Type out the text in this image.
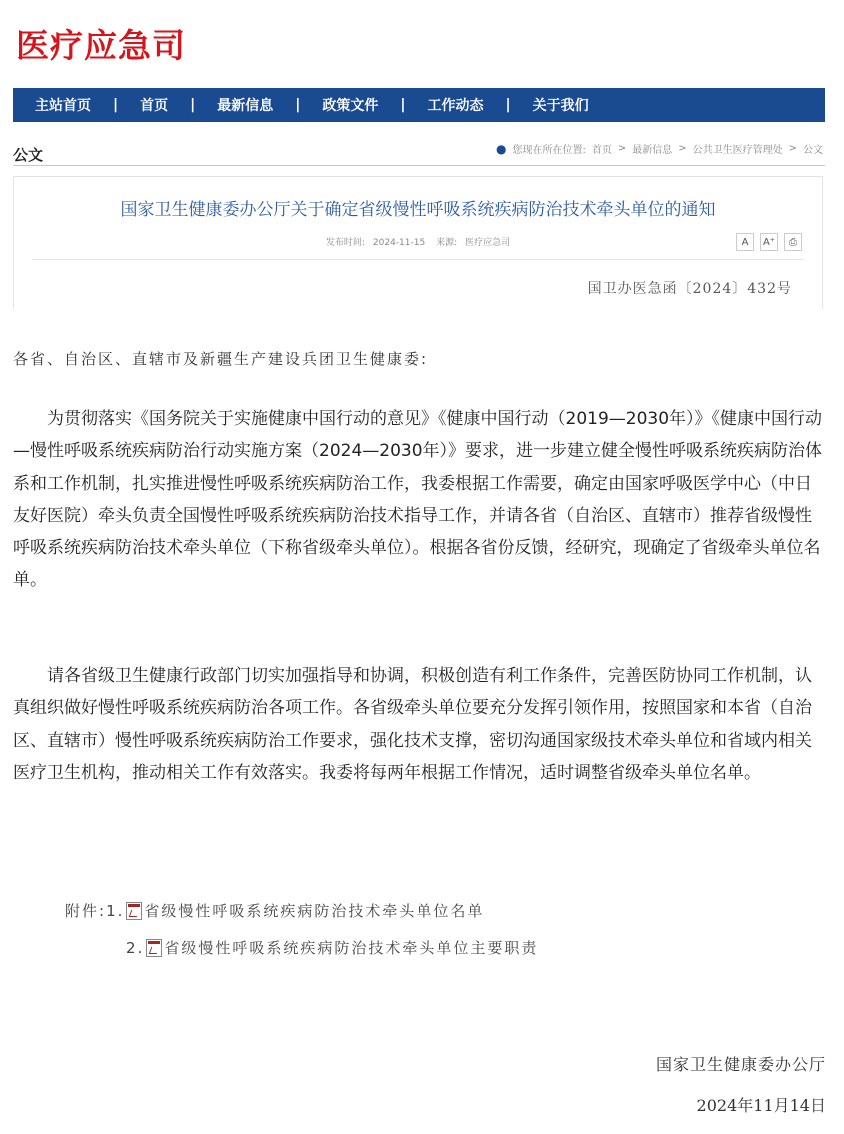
医疗应急司
主站首页	|	首页	|	最新信息	|	政策文件	|	工作动态	|	关于我们
公文	● 您现在所在位置: 首页 > 最新信息 > 公共卫生医疗管理处 > 公文
国家卫生健康委办公厅关于确定省级慢性呼吸系统疾病防治技术牵头单位的通知
发布时间: 2024-11-15 来源: 医疗应急司	A	A⁺	⎙
国卫办医急函〔2024〕432号
各省、自治区、直辖市及新疆生产建设兵团卫生健康委:

为贯彻落实《国务院关于实施健康中国行动的意见》《健康中国行动（2019—2030年）》《健康中国行动—慢性呼吸系统疾病防治行动实施方案（2024—2030年）》要求，进一步建立健全慢性呼吸系统疾病防治体系和工作机制，扎实推进慢性呼吸系统疾病防治工作，我委根据工作需要，确定由国家呼吸医学中心（中日友好医院）牵头负责全国慢性呼吸系统疾病防治技术指导工作，并请各省（自治区、直辖市）推荐省级慢性呼吸系统疾病防治技术牵头单位（下称省级牵头单位）。根据各省份反馈，经研究，现确定了省级牵头单位名单。

请各省级卫生健康行政部门切实加强指导和协调，积极创造有利工作条件，完善医防协同工作机制，认真组织做好慢性呼吸系统疾病防治各项工作。各省级牵头单位要充分发挥引领作用，按照国家和本省（自治区、直辖市）慢性呼吸系统疾病防治工作要求，强化技术支撑，密切沟通国家级技术牵头单位和省域内相关医疗卫生机构，推动相关工作有效落实。我委将每两年根据工作情况，适时调整省级牵头单位名单。

附件: 1. 省级慢性呼吸系统疾病防治技术牵头单位名单
2. 省级慢性呼吸系统疾病防治技术牵头单位主要职责
国家卫生健康委办公厅
2024年11月14日
